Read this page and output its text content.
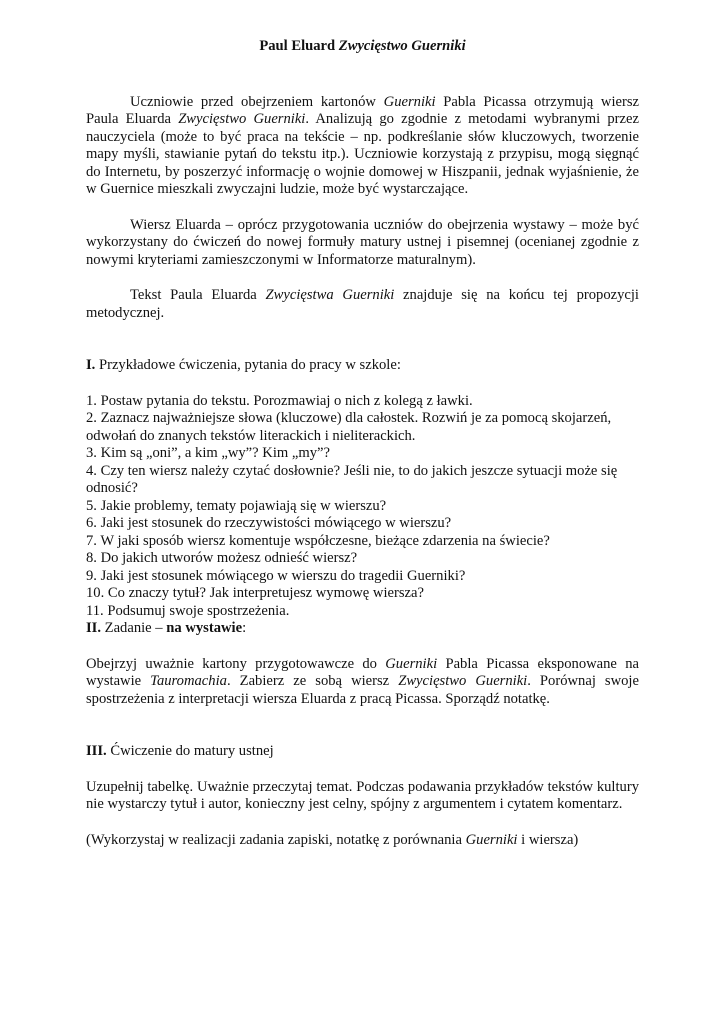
Paul Eluard Zwycięstwo Guerniki

Uczniowie przed obejrzeniem kartonów Guerniki Pabla Picassa otrzymują wiersz Paula Eluarda Zwycięstwo Guerniki. Analizują go zgodnie z metodami wybranymi przez nauczyciela (może to być praca na tekście – np. podkreślanie słów kluczowych, tworzenie mapy myśli, stawianie pytań do tekstu itp.). Uczniowie korzystają z przypisu, mogą sięgnąć do Internetu, by poszerzyć informację o wojnie domowej w Hiszpanii, jednak wyjaśnienie, że w Guernice mieszkali zwyczajni ludzie, może być wystarczające.

Wiersz Eluarda – oprócz przygotowania uczniów do obejrzenia wystawy – może być wykorzystany do ćwiczeń do nowej formuły matury ustnej i pisemnej (ocenianej zgodnie z nowymi kryteriami zamieszczonymi w Informatorze maturalnym).

Tekst Paula Eluarda Zwycięstwa Guerniki znajduje się na końcu tej propozycji metodycznej.

I. Przykładowe ćwiczenia, pytania do pracy w szkole:

1. Postaw pytania do tekstu. Porozmawiaj o nich z kolegą z ławki.
2. Zaznacz najważniejsze słowa (kluczowe) dla całostek. Rozwiń je za pomocą skojarzeń, odwołań do znanych tekstów literackich i nieliterackich.
3. Kim są „oni”, a kim „wy”? Kim „my”?
4. Czy ten wiersz należy czytać dosłownie? Jeśli nie, to do jakich jeszcze sytuacji może się odnosić?
5. Jakie problemy, tematy pojawiają się w wierszu?
6. Jaki jest stosunek do rzeczywistości mówiącego w wierszu?
7. W jaki sposób wiersz komentuje współczesne, bieżące zdarzenia na świecie?
8. Do jakich utworów możesz odnieść wiersz?
9. Jaki jest stosunek mówiącego w wierszu do tragedii Guerniki?
10. Co znaczy tytuł? Jak interpretujesz wymowę wiersza?
11. Podsumuj swoje spostrzeżenia.

II. Zadanie – na wystawie:

Obejrzyj uważnie kartony przygotowawcze do Guerniki Pabla Picassa eksponowane na wystawie Tauromachia. Zabierz ze sobą wiersz Zwycięstwo Guerniki. Porównaj swoje spostrzeżenia z interpretacji wiersza Eluarda z pracą Picassa. Sporządź notatkę.

III. Ćwiczenie do matury ustnej

Uzupełnij tabelkę. Uważnie przeczytaj temat. Podczas podawania przykładów tekstów kultury nie wystarczy tytuł i autor, konieczny jest celny, spójny z argumentem i cytatem komentarz.

(Wykorzystaj w realizacji zadania zapiski, notatkę z porównania Guerniki i wiersza)
